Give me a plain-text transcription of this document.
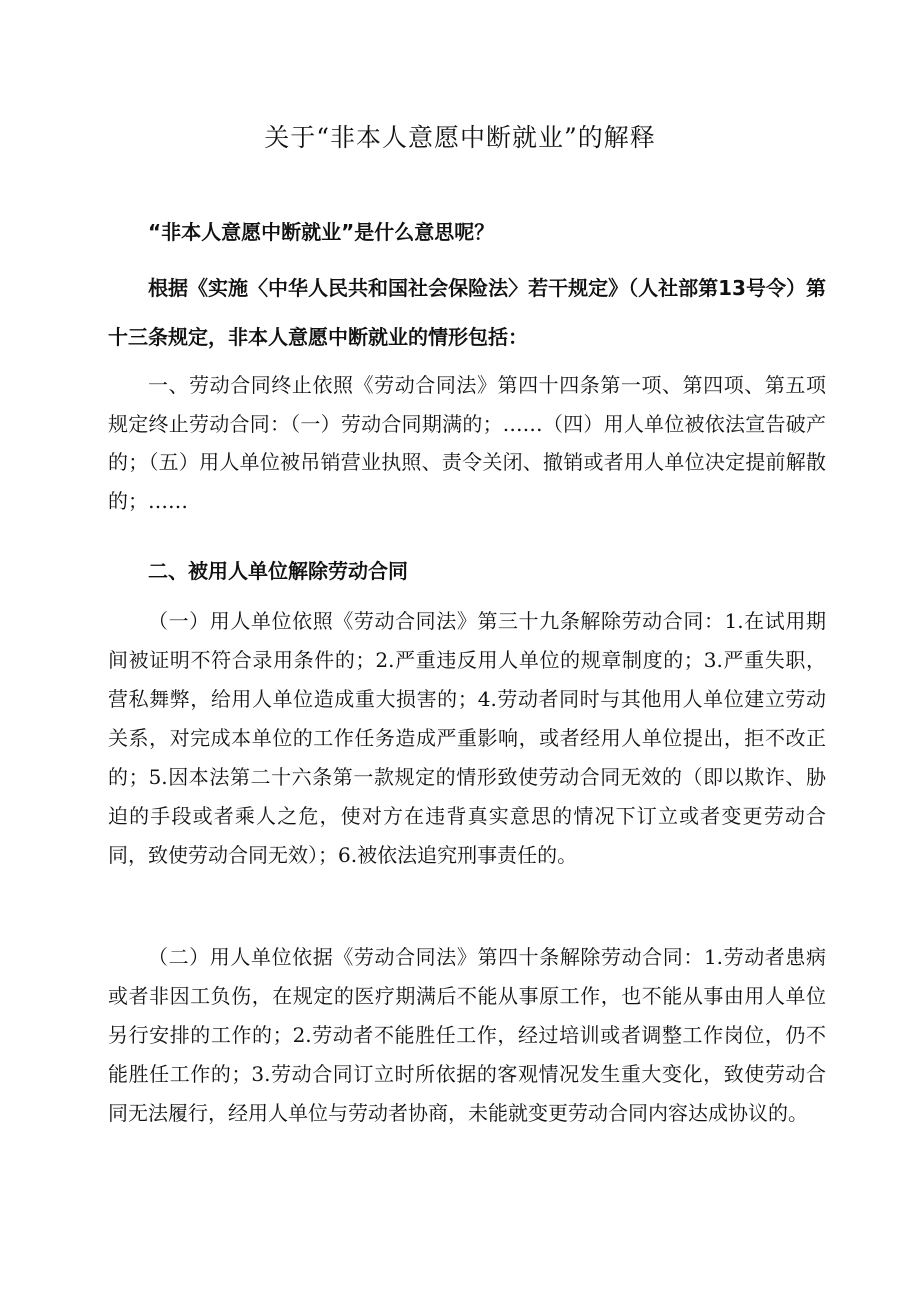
关于“非本人意愿中断就业”的解释

“非本人意愿中断就业”是什么意思呢？

根据《实施〈中华人民共和国社会保险法〉若干规定》（人社部第13号令）第十三条规定，非本人意愿中断就业的情形包括：

一、劳动合同终止依照《劳动合同法》第四十四条第一项、第四项、第五项规定终止劳动合同：（一）劳动合同期满的；……（四）用人单位被依法宣告破产的；（五）用人单位被吊销营业执照、责令关闭、撤销或者用人单位决定提前解散的；……

二、被用人单位解除劳动合同

（一）用人单位依照《劳动合同法》第三十九条解除劳动合同：1.在试用期间被证明不符合录用条件的；2.严重违反用人单位的规章制度的；3.严重失职，营私舞弊，给用人单位造成重大损害的；4.劳动者同时与其他用人单位建立劳动关系，对完成本单位的工作任务造成严重影响，或者经用人单位提出，拒不改正的；5.因本法第二十六条第一款规定的情形致使劳动合同无效的（即以欺诈、胁迫的手段或者乘人之危，使对方在违背真实意思的情况下订立或者变更劳动合同，致使劳动合同无效）；6.被依法追究刑事责任的。

（二）用人单位依据《劳动合同法》第四十条解除劳动合同：1.劳动者患病或者非因工负伤，在规定的医疗期满后不能从事原工作，也不能从事由用人单位另行安排的工作的；2.劳动者不能胜任工作，经过培训或者调整工作岗位，仍不能胜任工作的；3.劳动合同订立时所依据的客观情况发生重大变化，致使劳动合同无法履行，经用人单位与劳动者协商，未能就变更劳动合同内容达成协议的。
